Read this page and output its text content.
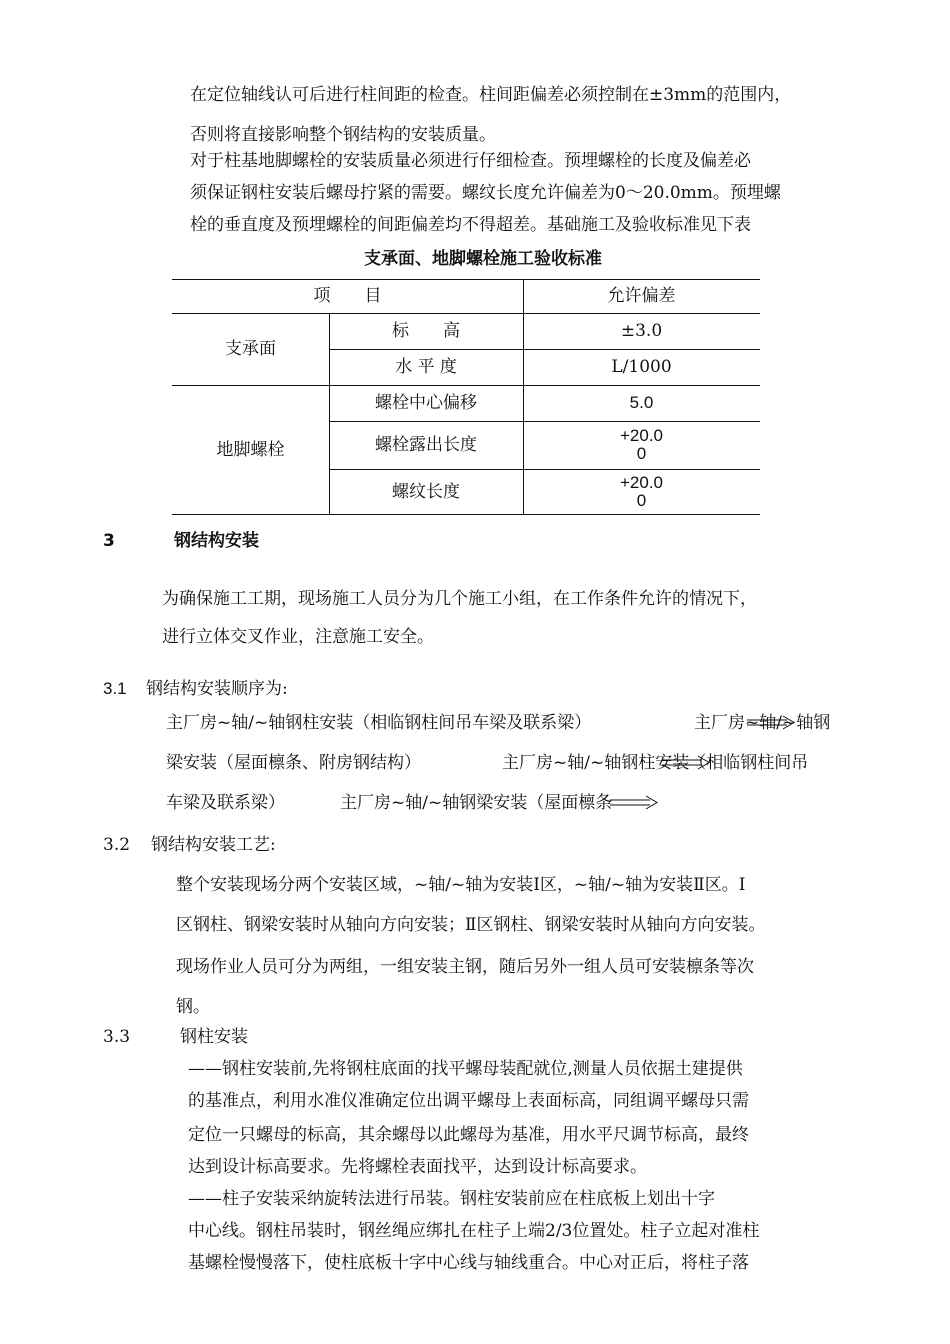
在定位轴线认可后进行柱间距的检查。柱间距偏差必须控制在±3mm的范围内，
否则将直接影响整个钢结构的安装质量。
对于柱基地脚螺栓的安装质量必须进行仔细检查。预埋螺栓的长度及偏差必
须保证钢柱安装后螺母拧紧的需要。螺纹长度允许偏差为0～20.0mm。预埋螺
栓的垂直度及预埋螺栓的间距偏差均不得超差。基础施工及验收标准见下表
支承面、地脚螺栓施工验收标准
项　　目	允许偏差
支承面
标　　高	±3.0
水 平 度	L/1000
地脚螺栓
螺栓中心偏移	5.0
螺栓露出长度	+20.0
0
螺纹长度	+20.0
0
3	钢结构安装
为确保施工工期，现场施工人员分为几个施工小组，在工作条件允许的情况下，
进行立体交叉作业，注意施工安全。
3.1 钢结构安装顺序为:
主厂房~轴/~轴钢柱安装（相临钢柱间吊车梁及联系梁）	主厂房~轴/~轴钢
梁安装（屋面檩条、附房钢结构）	主厂房~轴/~轴钢柱安装（相临钢柱间吊
车梁及联系梁）	主厂房~轴/~轴钢梁安装（屋面檩条
3.2 钢结构安装工艺:
整个安装现场分两个安装区域，~轴/~轴为安装Ⅰ区，~轴/~轴为安装Ⅱ区。Ⅰ
区钢柱、钢梁安装时从轴向方向安装；Ⅱ区钢柱、钢梁安装时从轴向方向安装。
现场作业人员可分为两组，一组安装主钢，随后另外一组人员可安装檩条等次
钢。
3.3	钢柱安装
——钢柱安装前,先将钢柱底面的找平螺母装配就位,测量人员依据土建提供
的基准点，利用水准仪准确定位出调平螺母上表面标高，同组调平螺母只需
定位一只螺母的标高，其余螺母以此螺母为基准，用水平尺调节标高，最终
达到设计标高要求。先将螺栓表面找平，达到设计标高要求。
——柱子安装采纳旋转法进行吊装。钢柱安装前应在柱底板上划出十字
中心线。钢柱吊装时，钢丝绳应绑扎在柱子上端2/3位置处。柱子立起对准柱
基螺栓慢慢落下，使柱底板十字中心线与轴线重合。中心对正后，将柱子落
